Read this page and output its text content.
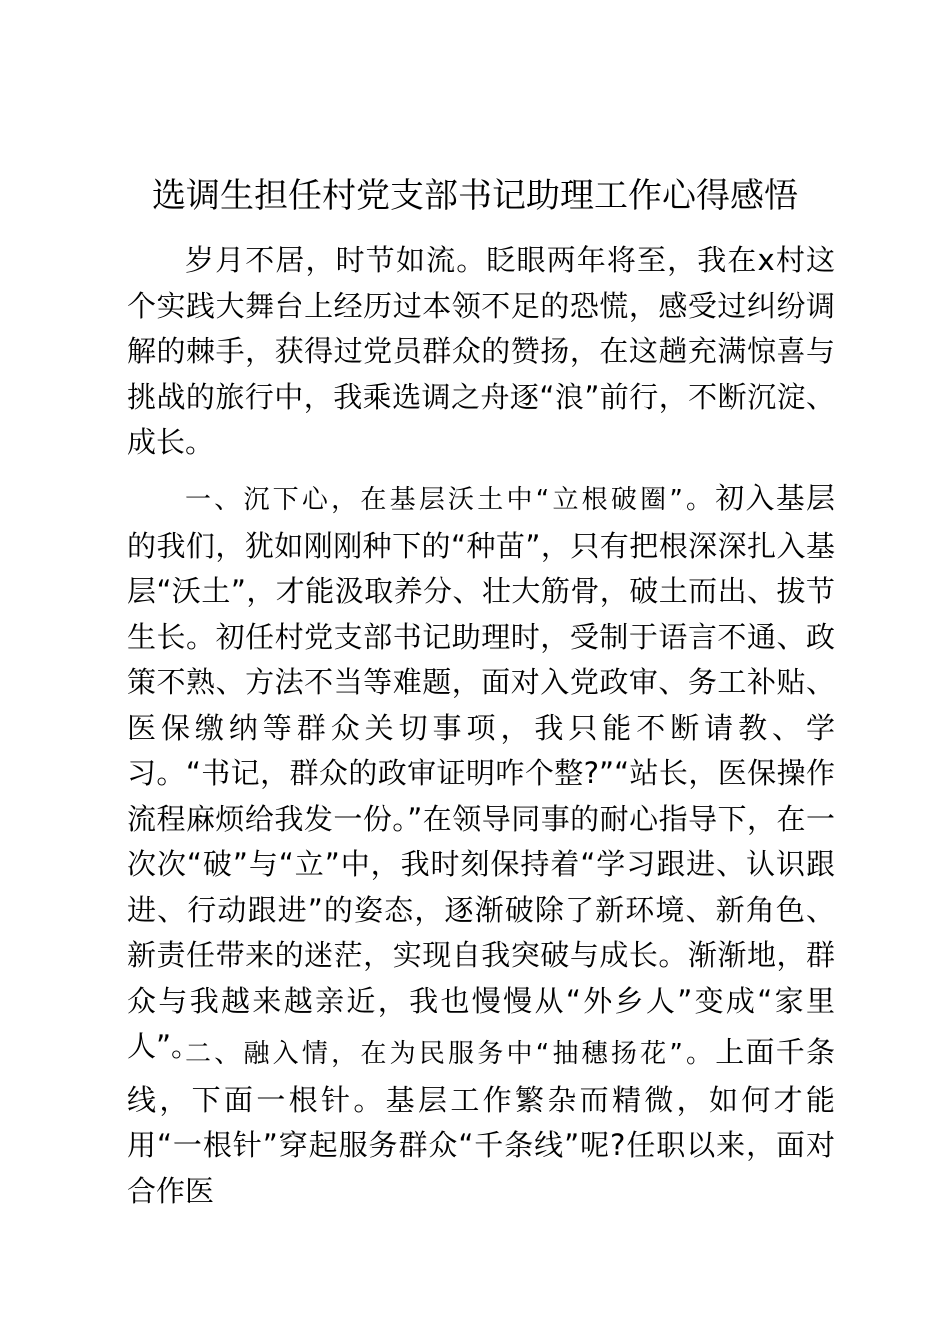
选调生担任村党支部书记助理工作心得感悟

岁月不居，时节如流。眨眼两年将至，我在x村这个实践大舞台上经历过本领不足的恐慌，感受过纠纷调解的棘手，获得过党员群众的赞扬，在这趟充满惊喜与挑战的旅行中，我乘选调之舟逐“浪”前行，不断沉淀、成长。

一、沉下心，在基层沃土中“立根破圈”。初入基层的我们，犹如刚刚种下的“种苗”，只有把根深深扎入基层“沃土”，才能汲取养分、壮大筋骨，破土而出、拔节生长。初任村党支部书记助理时，受制于语言不通、政策不熟、方法不当等难题，面对入党政审、务工补贴、医保缴纳等群众关切事项，我只能不断请教、学习。“书记，群众的政审证明咋个整?”“站长，医保操作流程麻烦给我发一份。”在领导同事的耐心指导下，在一次次“破”与“立”中，我时刻保持着“学习跟进、认识跟进、行动跟进”的姿态，逐渐破除了新环境、新角色、新责任带来的迷茫，实现自我突破与成长。渐渐地，群众与我越来越亲近，我也慢慢从“外乡人”变成“家里人”。

二、融入情，在为民服务中“抽穗扬花”。上面千条线，下面一根针。基层工作繁杂而精微，如何才能用“一根针”穿起服务群众“千条线”呢?任职以来，面对合作医
